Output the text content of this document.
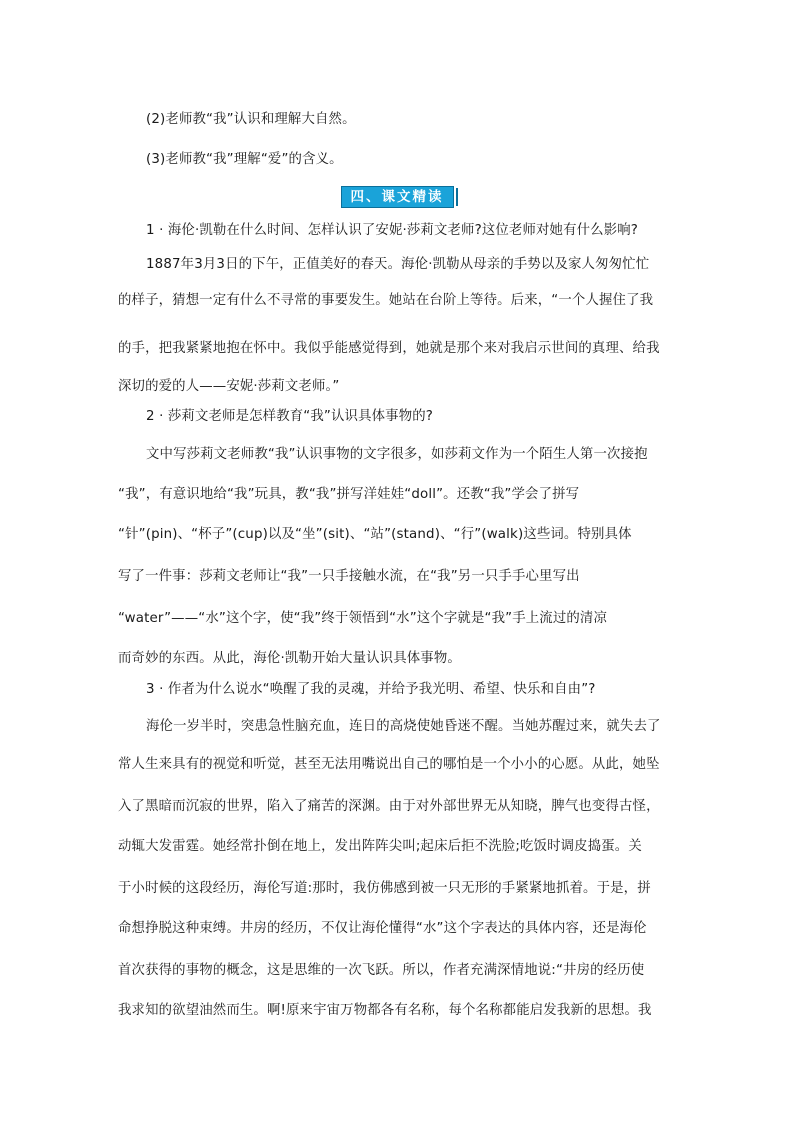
(2)老师教“我”认识和理解大自然。
(3)老师教“我”理解“爱”的含义。
四、课文精读
1 · 海伦·凯勒在什么时间、怎样认识了安妮·莎莉文老师?这位老师对她有什么影响?
1887年3月3日的下午，正值美好的春天。海伦·凯勒从母亲的手势以及家人匆匆忙忙
的样子，猜想一定有什么不寻常的事要发生。她站在台阶上等待。后来，“一个人握住了我
的手，把我紧紧地抱在怀中。我似乎能感觉得到，她就是那个来对我启示世间的真理、给我
深切的爱的人——安妮·莎莉文老师。”
2 · 莎莉文老师是怎样教育“我”认识具体事物的?
文中写莎莉文老师教“我”认识事物的文字很多，如莎莉文作为一个陌生人第一次接抱
“我”，有意识地给“我”玩具，教“我”拼写洋娃娃“doll”。还教“我”学会了拼写
“针”(pin)、“杯子”(cup)以及“坐”(sit)、“站”(stand)、“行”(walk)这些词。特别具体
写了一件事：莎莉文老师让“我”一只手接触水流，在“我”另一只手手心里写出
“water”——“水”这个字，使“我”终于领悟到“水”这个字就是“我”手上流过的清凉
而奇妙的东西。从此，海伦·凯勒开始大量认识具体事物。
3 · 作者为什么说水“唤醒了我的灵魂，并给予我光明、希望、快乐和自由”?
海伦一岁半时，突患急性脑充血，连日的高烧使她昏迷不醒。当她苏醒过来，就失去了
常人生来具有的视觉和听觉，甚至无法用嘴说出自己的哪怕是一个小小的心愿。从此，她坠
入了黑暗而沉寂的世界，陷入了痛苦的深渊。由于对外部世界无从知晓，脾气也变得古怪，
动辄大发雷霆。她经常扑倒在地上，发出阵阵尖叫;起床后拒不洗脸;吃饭时调皮捣蛋。关
于小时候的这段经历，海伦写道:那时，我仿佛感到被一只无形的手紧紧地抓着。于是，拼
命想挣脱这种束缚。井房的经历，不仅让海伦懂得“水”这个字表达的具体内容，还是海伦
首次获得的事物的概念，这是思维的一次飞跃。所以，作者充满深情地说:“井房的经历使
我求知的欲望油然而生。啊!原来宇宙万物都各有名称，每个名称都能启发我新的思想。我
